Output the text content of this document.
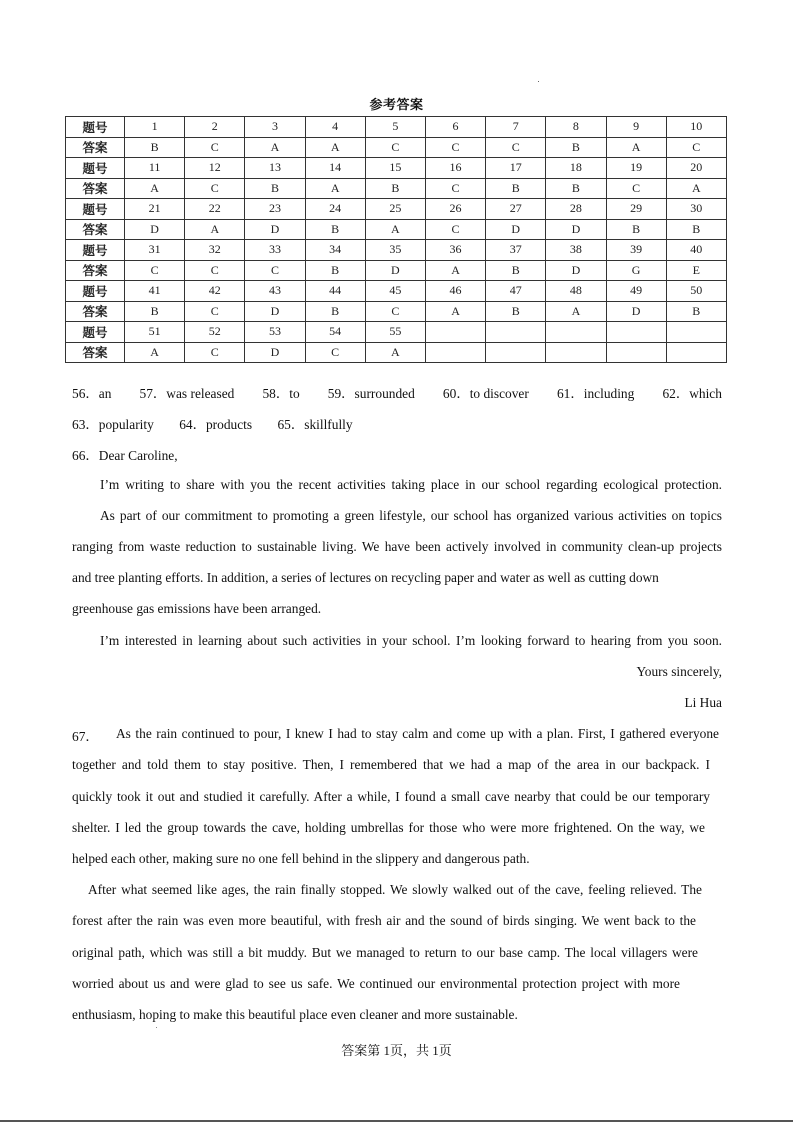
参考答案
题号	1	2	3	4	5	6	7	8	9	10
答案	B	C	A	A	C	C	C	B	A	C
题号	11	12	13	14	15	16	17	18	19	20
答案	A	C	B	A	B	C	B	B	C	A
题号	21	22	23	24	25	26	27	28	29	30
答案	D	A	D	B	A	C	D	D	B	B
题号	31	32	33	34	35	36	37	38	39	40
答案	C	C	C	B	D	A	B	D	G	E
题号	41	42	43	44	45	46	47	48	49	50
答案	B	C	D	B	C	A	B	A	D	B
题号	51	52	53	54	55					
答案	A	C	D	C	A					
56．an 57．was released 58．to 59．surrounded 60．to discover 61．including 62．which
63．popularity 64．products 65．skillfully
66．Dear Caroline,
I’m writing to share with you the recent activities taking place in our school regarding ecological protection.
As part of our commitment to promoting a green lifestyle, our school has organized various activities on topics
ranging from waste reduction to sustainable living. We have been actively involved in community clean-up projects
and tree planting efforts. In addition, a series of lectures on recycling paper and water as well as cutting down
greenhouse gas emissions have been arranged.
I’m interested in learning about such activities in your school. I’m looking forward to hearing from you soon.
Yours sincerely,
Li Hua
67． As the rain continued to pour, I knew I had to stay calm and come up with a plan. First, I gathered everyone
together and told them to stay positive. Then, I remembered that we had a map of the area in our backpack. I
quickly took it out and studied it carefully. After a while, I found a small cave nearby that could be our temporary
shelter. I led the group towards the cave, holding umbrellas for those who were more frightened. On the way, we
helped each other, making sure no one fell behind in the slippery and dangerous path.
After what seemed like ages, the rain finally stopped. We slowly walked out of the cave, feeling relieved. The
forest after the rain was even more beautiful, with fresh air and the sound of birds singing. We went back to the
original path, which was still a bit muddy. But we managed to return to our base camp. The local villagers were
worried about us and were glad to see us safe. We continued our environmental protection project with more
enthusiasm, hoping to make this beautiful place even cleaner and more sustainable.
答案第 1页，共 1页
